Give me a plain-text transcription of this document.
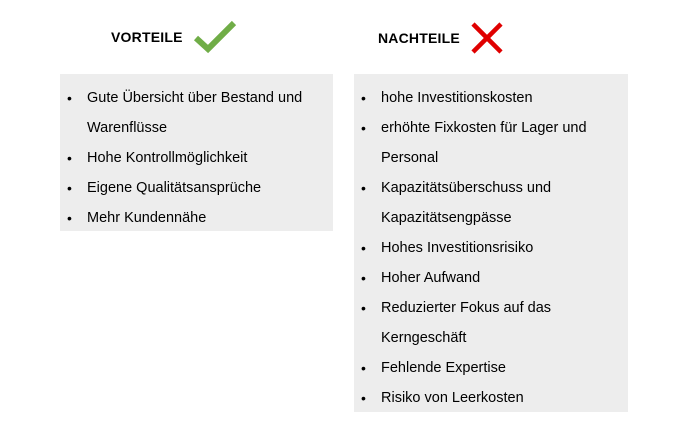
VORTEILE	NACHTEILE
• Gute Übersicht über Bestand und Warenflüsse
• Hohe Kontrollmöglichkeit
• Eigene Qualitätsansprüche
• Mehr Kundennähe
• hohe Investitionskosten
• erhöhte Fixkosten für Lager und Personal
• Kapazitätsüberschuss und Kapazitätsengpässe
• Hohes Investitionsrisiko
• Hoher Aufwand
• Reduzierter Fokus auf das Kerngeschäft
• Fehlende Expertise
• Risiko von Leerkosten
